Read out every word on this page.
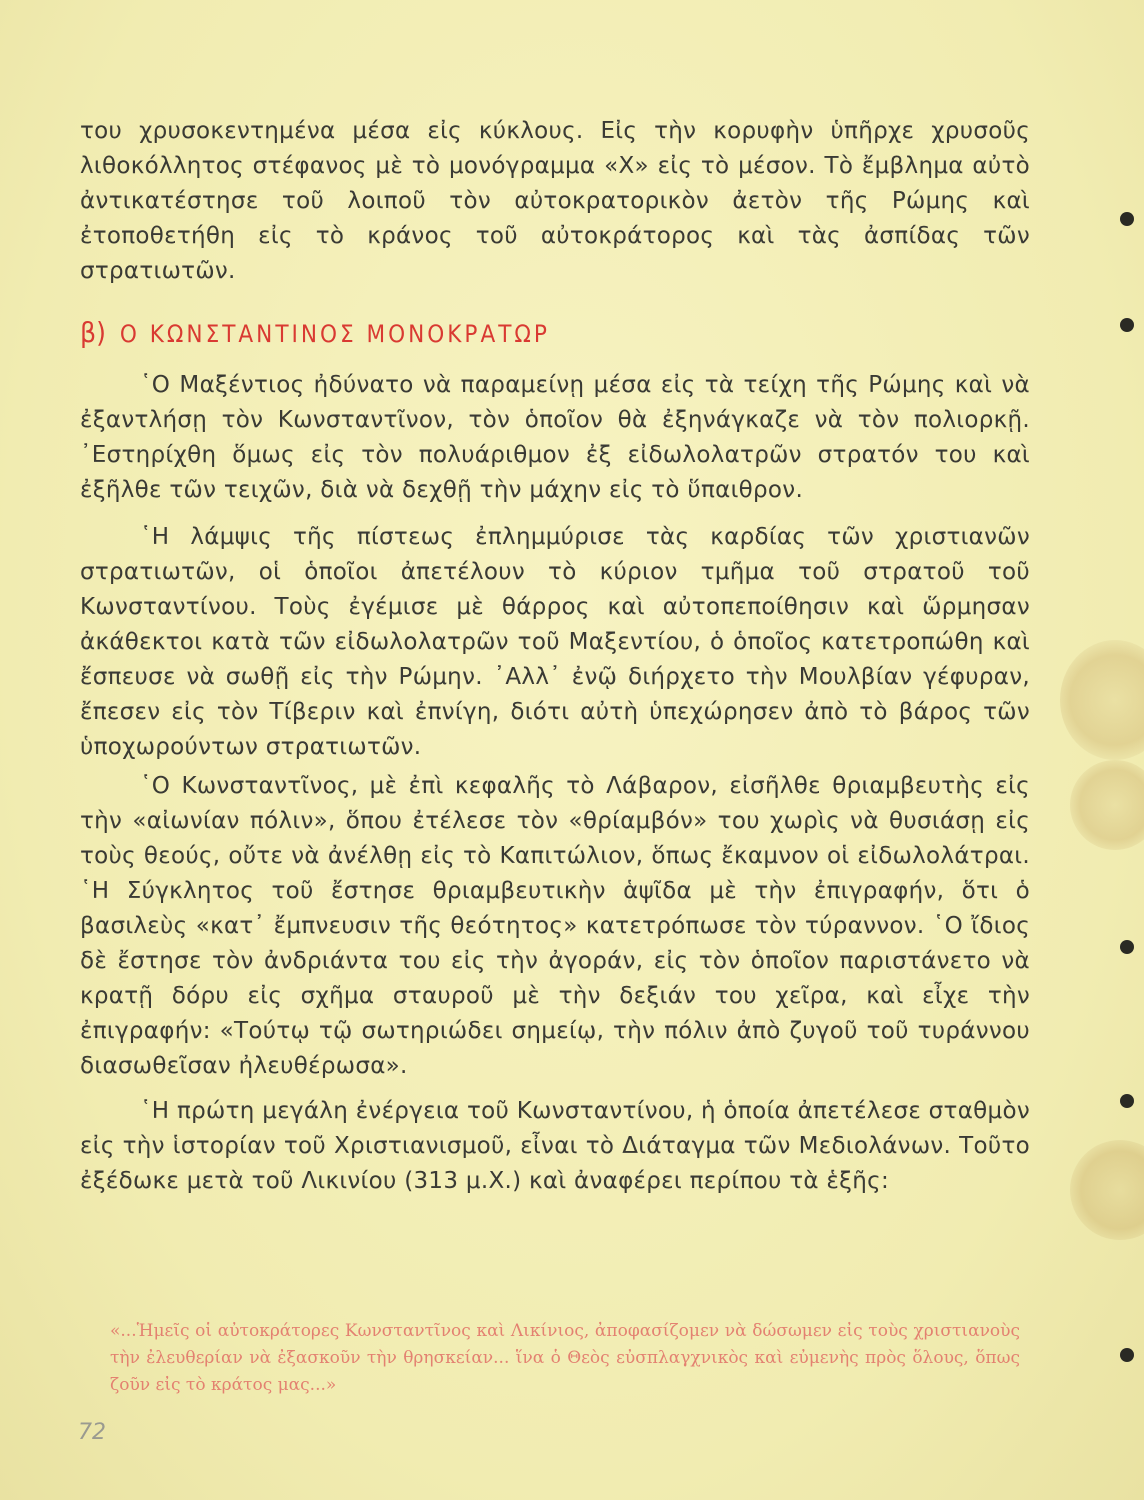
του χρυσοκεντημένα μέσα εἰς κύκλους. Εἰς τὴν κορυφὴν ὑπῆρχε χρυσοῦς λιθοκόλλητος στέφανος μὲ τὸ μονόγραμμα «Χ» εἰς τὸ μέσον. Τὸ ἔμβλημα αὐτὸ ἀντικατέστησε τοῦ λοιποῦ τὸν αὐτοκρατορικὸν ἀετὸν τῆς Ρώμης καὶ ἐτοποθετήθη εἰς τὸ κράνος τοῦ αὐτοκράτορος καὶ τὰς ἀσπίδας τῶν στρατιωτῶν.

β) Ο ΚΩΝΣΤΑΝΤΙΝΟΣ ΜΟΝΟΚΡΑΤΩΡ

῾Ο Μαξέντιος ἠδύνατο νὰ παραμείνῃ μέσα εἰς τὰ τείχη τῆς Ρώμης καὶ νὰ ἐξαντλήσῃ τὸν Κωνσταντῖνον, τὸν ὁποῖον θὰ ἐξηνάγκαζε νὰ τὸν πολιορκῇ. ᾽Εστηρίχθη ὅμως εἰς τὸν πολυάριθμον ἐξ εἰδωλολατρῶν στρατόν του καὶ ἐξῆλθε τῶν τειχῶν, διὰ νὰ δεχθῇ τὴν μάχην εἰς τὸ ὕπαιθρον.

῾Η λάμψις τῆς πίστεως ἐπλημμύρισε τὰς καρδίας τῶν χριστιανῶν στρατιωτῶν, οἱ ὁποῖοι ἀπετέλουν τὸ κύριον τμῆμα τοῦ στρατοῦ τοῦ Κωνσταντίνου. Τοὺς ἐγέμισε μὲ θάρρος καὶ αὐτοπεποίθησιν καὶ ὥρμησαν ἀκάθεκτοι κατὰ τῶν εἰδωλολατρῶν τοῦ Μαξεντίου, ὁ ὁποῖος κατετροπώθη καὶ ἔσπευσε νὰ σωθῇ εἰς τὴν Ρώμην. ᾽Αλλ᾽ ἐνῷ διήρχετο τὴν Μουλβίαν γέφυραν, ἔπεσεν εἰς τὸν Τίβεριν καὶ ἐπνίγη, διότι αὐτὴ ὑπεχώρησεν ἀπὸ τὸ βάρος τῶν ὑποχωρούντων στρατιωτῶν.

῾Ο Κωνσταντῖνος, μὲ ἐπὶ κεφαλῆς τὸ Λάβαρον, εἰσῆλθε θριαμβευτὴς εἰς τὴν «αἰωνίαν πόλιν», ὅπου ἐτέλεσε τὸν «θρίαμβόν» του χωρὶς νὰ θυσιάσῃ εἰς τοὺς θεούς, οὔτε νὰ ἀνέλθῃ εἰς τὸ Καπιτώλιον, ὅπως ἔκαμνον οἱ εἰδωλολάτραι. ῾Η Σύγκλητος τοῦ ἔστησε θριαμβευτικὴν ἁψῖδα μὲ τὴν ἐπιγραφήν, ὅτι ὁ βασιλεὺς «κατ᾽ ἔμπνευσιν τῆς θεότητος» κατετρόπωσε τὸν τύραννον. ῾Ο ἴδιος δὲ ἔστησε τὸν ἀνδριάντα του εἰς τὴν ἀγοράν, εἰς τὸν ὁποῖον παριστάνετο νὰ κρατῇ δόρυ εἰς σχῆμα σταυροῦ μὲ τὴν δεξιάν του χεῖρα, καὶ εἶχε τὴν ἐπιγραφήν: «Τούτῳ τῷ σωτηριώδει σημείῳ, τὴν πόλιν ἀπὸ ζυγοῦ τοῦ τυράννου διασωθεῖσαν ἠλευθέρωσα».

῾Η πρώτη μεγάλη ἐνέργεια τοῦ Κωνσταντίνου, ἡ ὁποία ἀπετέλεσε σταθμὸν εἰς τὴν ἱστορίαν τοῦ Χριστιανισμοῦ, εἶναι τὸ Διάταγμα τῶν Μεδιολάνων. Τοῦτο ἐξέδωκε μετὰ τοῦ Λικινίου (313 μ.Χ.) καὶ ἀναφέρει περίπου τὰ ἑξῆς:

«...Ἡμεῖς οἱ αὐτοκράτορες Κωνσταντῖνος καὶ Λικίνιος, ἀποφασίζομεν νὰ δώσωμεν εἰς τοὺς χριστιανοὺς τὴν ἐλευθερίαν νὰ ἐξασκοῦν τὴν θρησκείαν... ἵνα ὁ Θεὸς εὐσπλαγχνικὸς καὶ εὐμενὴς πρὸς ὅλους, ὅπως ζοῦν εἰς τὸ κράτος μας...»
72
